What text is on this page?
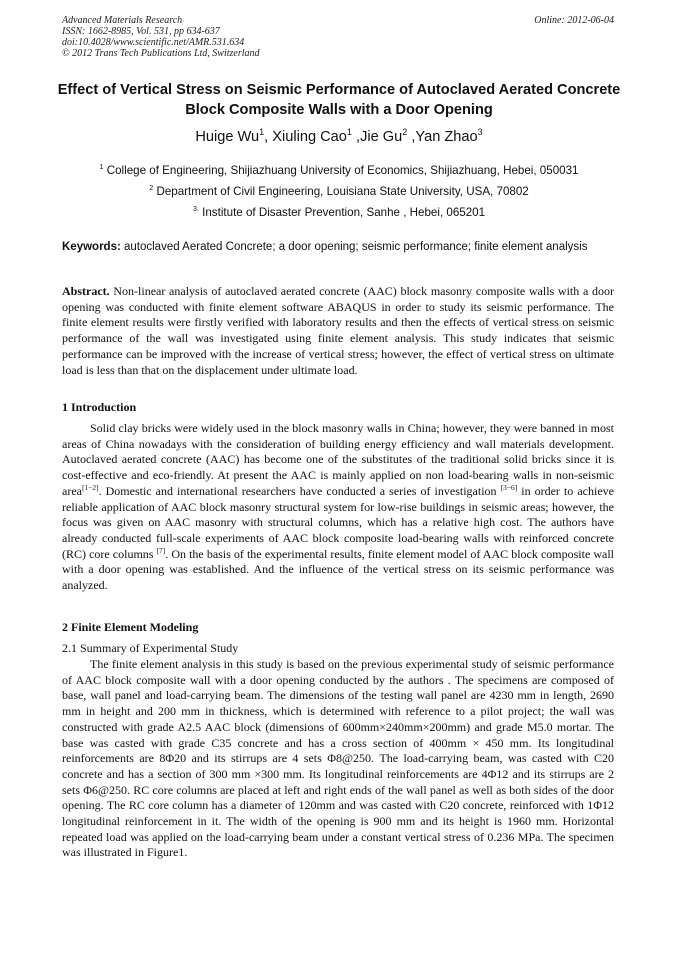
Advanced Materials Research
ISSN: 1662-8985, Vol. 531, pp 634-637
doi:10.4028/www.scientific.net/AMR.531.634
© 2012 Trans Tech Publications Ltd, Switzerland
Online: 2012-06-04
Effect of Vertical Stress on Seismic Performance of Autoclaved Aerated Concrete Block Composite Walls with a Door Opening
Huige Wu$^1$, Xiuling Cao$^1$ ,Jie Gu$^2$ ,Yan Zhao$^3$
$^1$ College of Engineering, Shijiazhuang University of Economics, Shijiazhuang, Hebei, 050031
$^2$ Department of Civil Engineering, Louisiana State University, USA, 70802
$^{3.}$ Institute of Disaster Prevention, Sanhe , Hebei, 065201
Keywords: autoclaved Aerated Concrete; a door opening; seismic performance; finite element analysis
Abstract. Non-linear analysis of autoclaved aerated concrete (AAC) block masonry composite walls with a door opening was conducted with finite element software ABAQUS in order to study its seismic performance. The finite element results were firstly verified with laboratory results and then the effects of vertical stress on seismic performance of the wall was investigated using finite element analysis. This study indicates that seismic performance can be improved with the increase of vertical stress; however, the effect of vertical stress on ultimate load is less than that on the displacement under ultimate load.
1 Introduction
Solid clay bricks were widely used in the block masonry walls in China; however, they were banned in most areas of China nowadays with the consideration of building energy efficiency and wall materials development. Autoclaved aerated concrete (AAC) has become one of the substitutes of the traditional solid bricks since it is cost-effective and eco-friendly. At present the AAC is mainly applied on non load-bearing walls in non-seismic area[1−2]. Domestic and international researchers have conducted a series of investigation [3−6] in order to achieve reliable application of AAC block masonry structural system for low-rise buildings in seismic areas; however, the focus was given on AAC masonry with structural columns, which has a relative high cost. The authors have already conducted full-scale experiments of AAC block composite load-bearing walls with reinforced concrete (RC) core columns [7]. On the basis of the experimental results, finite element model of AAC block composite wall with a door opening was established. And the influence of the vertical stress on its seismic performance was analyzed.
2 Finite Element Modeling
2.1 Summary of Experimental Study
The finite element analysis in this study is based on the previous experimental study of seismic performance of AAC block composite wall with a door opening conducted by the authors . The specimens are composed of base, wall panel and load-carrying beam. The dimensions of the testing wall panel are 4230 mm in length, 2690 mm in height and 200 mm in thickness, which is determined with reference to a pilot project; the wall was constructed with grade A2.5 AAC block (dimensions of 600mm×240mm×200mm) and grade M5.0 mortar. The base was casted with grade C35 concrete and has a cross section of 400mm × 450 mm. Its longitudinal reinforcements are 8Φ20 and its stirrups are 4 sets Φ8@250. The load-carrying beam, was casted with C20 concrete and has a section of 300 mm ×300 mm. Its longitudinal reinforcements are 4Φ12 and its stirrups are 2 sets Φ6@250. RC core columns are placed at left and right ends of the wall panel as well as both sides of the door opening. The RC core column has a diameter of 120mm and was casted with C20 concrete, reinforced with 1Φ12 longitudinal reinforcement in it. The width of the opening is 900 mm and its height is 1960 mm. Horizontal repeated load was applied on the load-carrying beam under a constant vertical stress of 0.236 MPa. The specimen was illustrated in Figure1.
